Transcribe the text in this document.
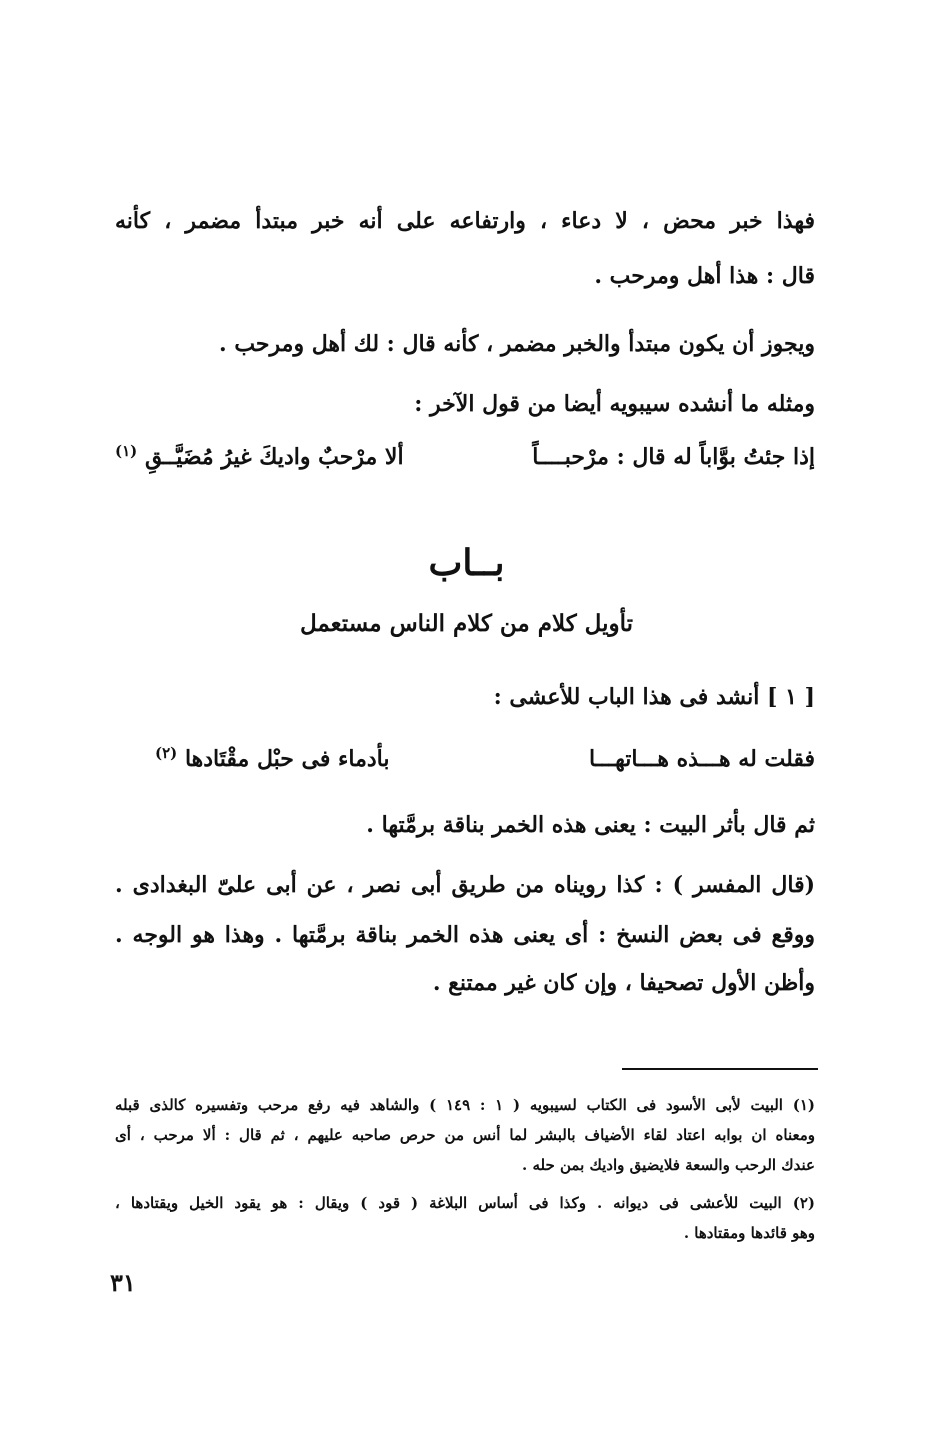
فهذا خبر محض ، لا دعاء ، وارتفاعه على أنه خبر مبتدأ مضمر ، كأنه
قال : هذا أهل ومرحب .
ويجوز أن يكون مبتدأ والخبر مضمر ، كأنه قال : لك أهل ومرحب .
ومثله ما أنشده سيبويه أيضا من قول الآخر :
إذا جئتُ بوَّاباً له قال : مرْحبــــاً
ألا مرْحبٌ واديكَ غيرُ مُضَيَّــقِ (١)
بــاب
تأويل كلام من كلام الناس مستعمل
[ ١ ] أنشد فى هذا الباب للأعشى :
فقلت له هـــذه هـــاتهـــا
بأدماء فى حبْل مقْتَادها (٢)
ثم قال بأثر البيت : يعنى هذه الخمر بناقة برمَّتها .
(قال المفسر ) : كذا رويناه من طريق أبى نصر ، عن أبى علىّ البغدادى .
ووقع فى بعض النسخ : أى يعنى هذه الخمر بناقة برمَّتها . وهذا هو الوجه .
وأظن الأول تصحيفا ، وإن كان غير ممتنع .
(١) البيت لأبى الأسود فى الكتاب لسيبويه ( ١ : ١٤٩ ) والشاهد فيه رفع مرحب وتفسيره كالذى قبله
ومعناه ان بوابه اعتاد لقاء الأضياف بالبشر لما أنس من حرص صاحبه عليهم ، ثم قال : ألا مرحب ، أى
عندك الرحب والسعة فلايضيق واديك بمن حله .
(٢) البيت للأعشى فى ديوانه . وكذا فى أساس البلاغة ( قود ) ويقال : هو يقود الخيل ويقتادها ،
وهو قائدها ومقتادها .
٣١
